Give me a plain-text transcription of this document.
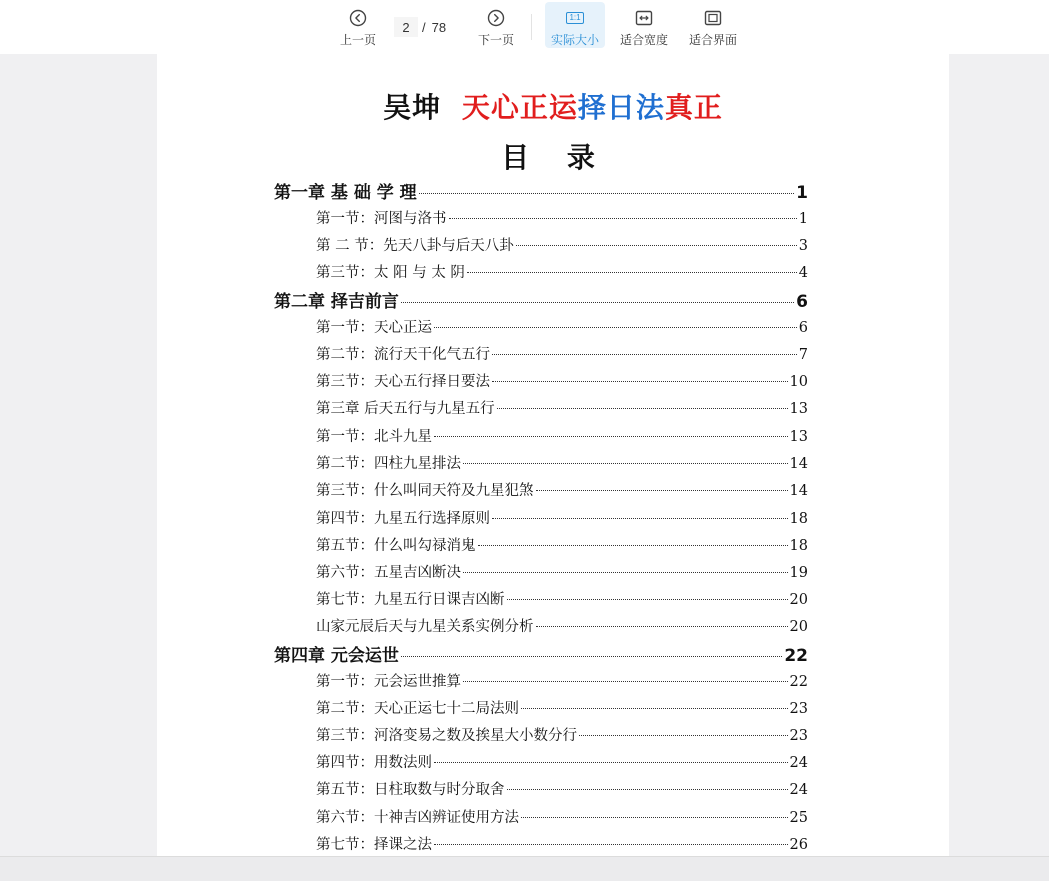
上一页
2
/ 78
下一页
1:1
实际大小 适合宽度 适合界面
吴坤 天心正运择日法真正
目 录
第一章 基 础 学 理	1
第一节：河图与洛书	1
第 二 节：先天八卦与后天八卦	3
第三节：太 阳 与 太 阴	4
第二章 择吉前言	6
第一节：天心正运	6
第二节：流行天干化气五行	7
第三节：天心五行择日要法	10
第三章 后天五行与九星五行	13
第一节：北斗九星	13
第二节：四柱九星排法	14
第三节：什么叫同天符及九星犯煞	14
第四节：九星五行选择原则	18
第五节：什么叫勾禄消鬼	18
第六节：五星吉凶断决	19
第七节：九星五行日课吉凶断	20
山家元辰后天与九星关系实例分析	20
第四章 元会运世	22
第一节：元会运世推算	22
第二节：天心正运七十二局法则	23
第三节：河洛变易之数及挨星大小数分行	23
第四节：用数法则	24
第五节：日柱取数与时分取舍	24
第六节：十神吉凶辨证使用方法	25
第七节：择课之法	26
